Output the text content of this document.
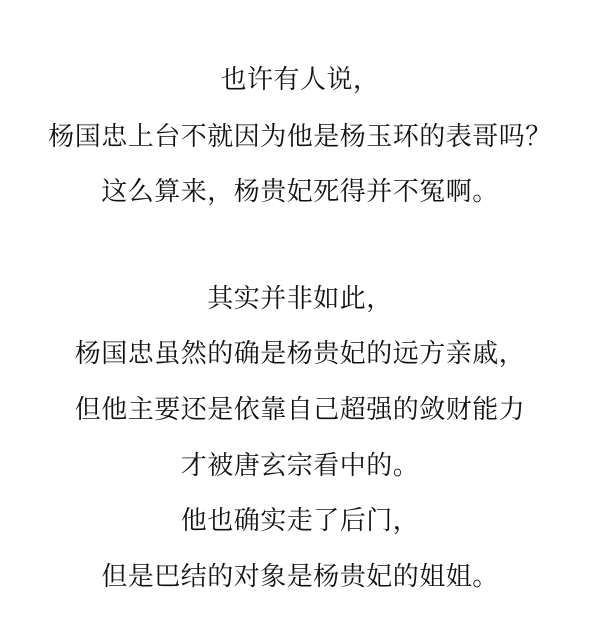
也许有人说，
杨国忠上台不就因为他是杨玉环的表哥吗？
这么算来，杨贵妃死得并不冤啊。
其实并非如此，
杨国忠虽然的确是杨贵妃的远方亲戚，
但他主要还是依靠自己超强的敛财能力
才被唐玄宗看中的。
他也确实走了后门，
但是巴结的对象是杨贵妃的姐姐。
